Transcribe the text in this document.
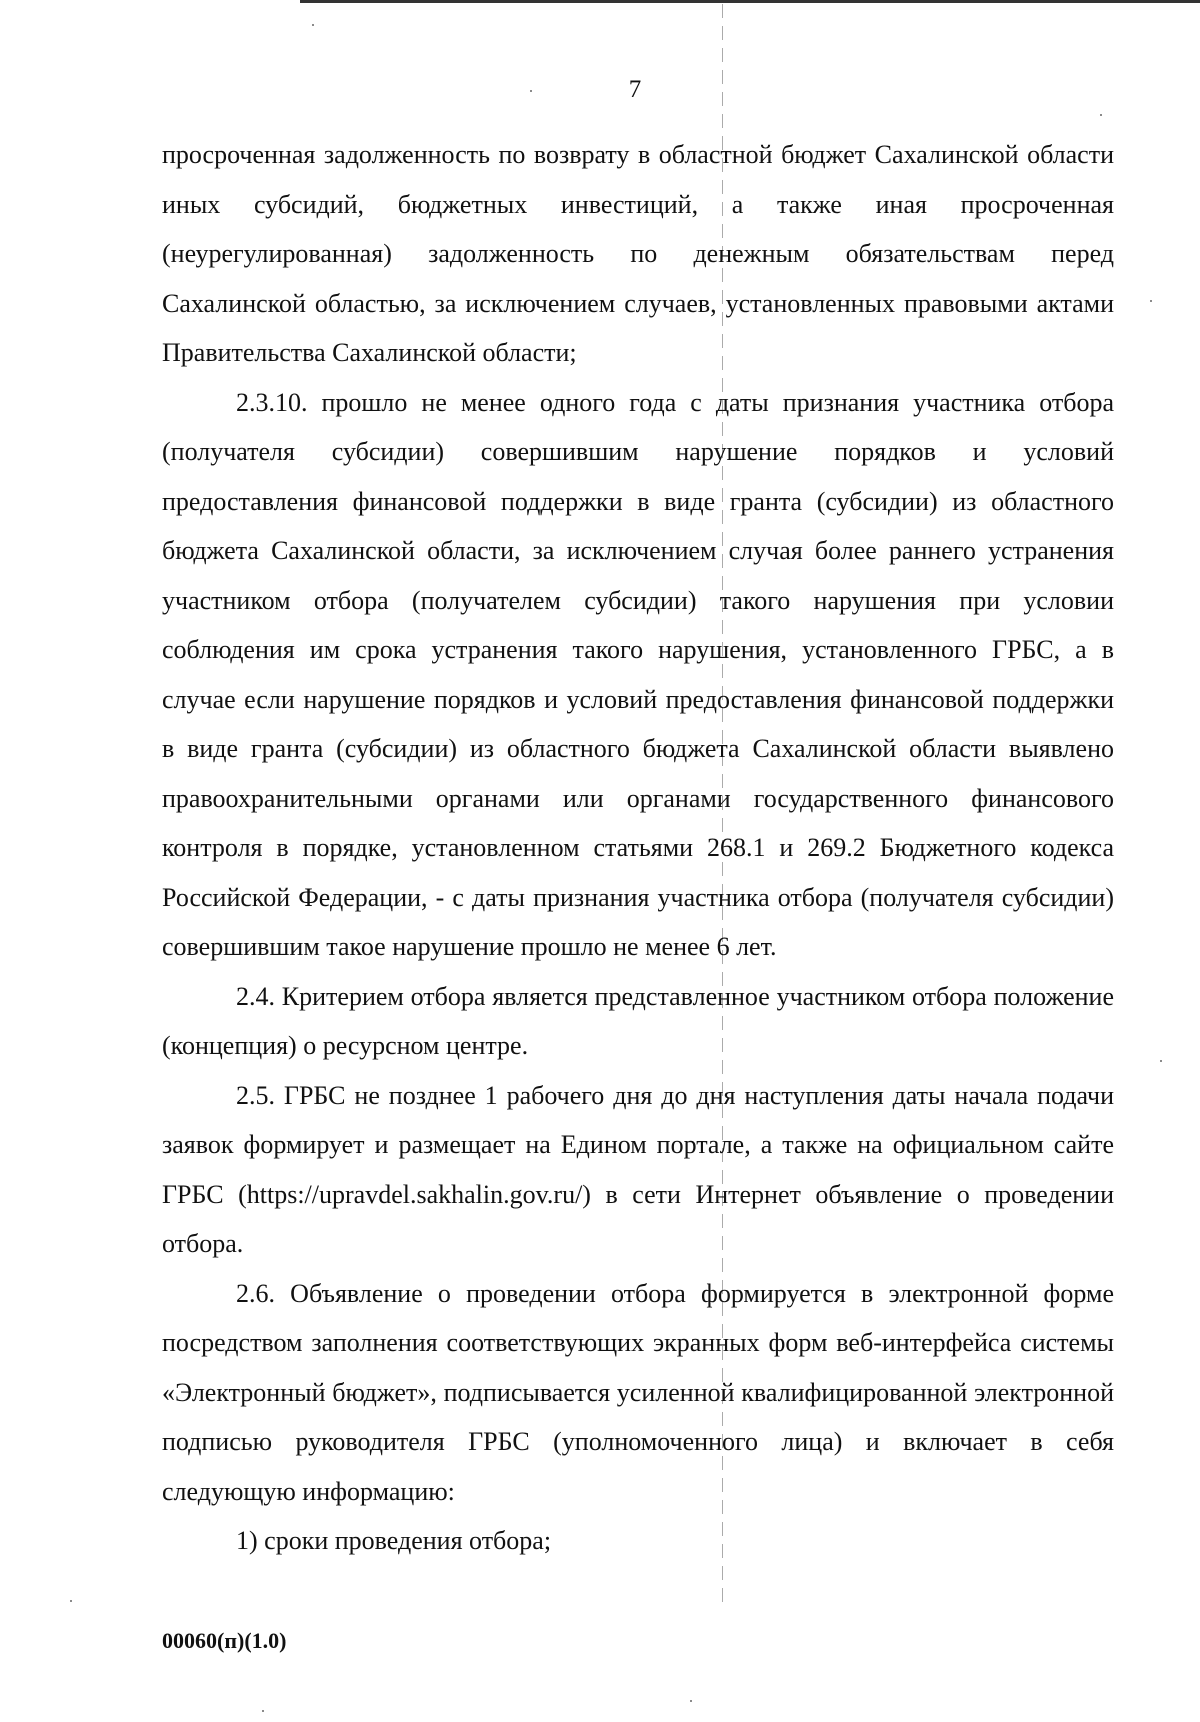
7

просроченная задолженность по возврату в областной бюджет Сахалинской области иных субсидий, бюджетных инвестиций, а также иная просроченная (неурегулированная) задолженность по денежным обязательствам перед Сахалинской областью, за исключением случаев, установленных правовыми актами Правительства Сахалинской области;

2.3.10. прошло не менее одного года с даты признания участника отбора (получателя субсидии) совершившим нарушение порядков и условий предоставления финансовой поддержки в виде гранта (субсидии) из областного бюджета Сахалинской области, за исключением случая более раннего устранения участником отбора (получателем субсидии) такого нарушения при условии соблюдения им срока устранения такого нарушения, установленного ГРБС, а в случае если нарушение порядков и условий предоставления финансовой поддержки в виде гранта (субсидии) из областного бюджета Сахалинской области выявлено правоохранительными органами или органами государственного финансового контроля в порядке, установленном статьями 268.1 и 269.2 Бюджетного кодекса Российской Федерации, - с даты признания участника отбора (получателя субсидии) совершившим такое нарушение прошло не менее 6 лет.

2.4. Критерием отбора является представленное участником отбора положение (концепция) о ресурсном центре.

2.5. ГРБС не позднее 1 рабочего дня до дня наступления даты начала подачи заявок формирует и размещает на Едином портале, а также на официальном сайте ГРБС (https://upravdel.sakhalin.gov.ru/) в сети Интернет объявление о проведении отбора.

2.6. Объявление о проведении отбора формируется в электронной форме посредством заполнения соответствующих экранных форм веб-интерфейса системы «Электронный бюджет», подписывается усиленной квалифицированной электронной подписью руководителя ГРБС (уполномоченного лица) и включает в себя следующую информацию:

1) сроки проведения отбора;

00060(п)(1.0)
